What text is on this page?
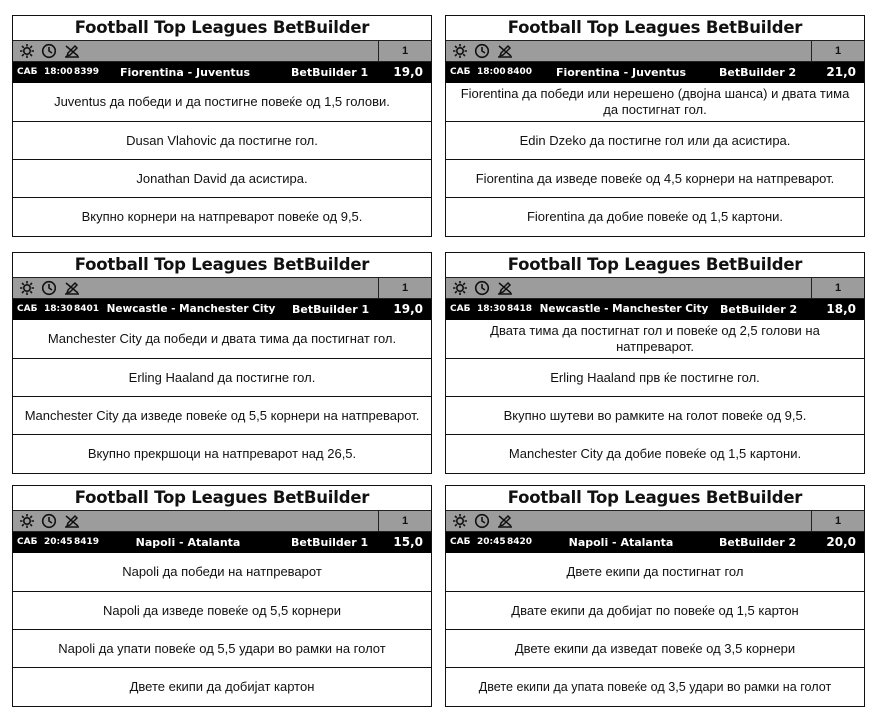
Football Top Leagues BetBuilder
1
САБ 18:00 8399	Fiorentina - Juventus	BetBuilder 1 19,0
Juventus да победи и да постигне повеќе од 1,5 голови.
Dusan Vlahovic да постигне гол.
Jonathan David да асистира.
Вкупно корнери на натпреварот повеќе од 9,5.
Football Top Leagues BetBuilder
1
САБ 18:00 8400	Fiorentina - Juventus	BetBuilder 2	21,0
Fiorentina да победи или нерешено (двојна шанса) и двата тима да постигнат гол.
Edin Dzeko да постигне гол или да асистира.
Fiorentina да изведе повеќе од 4,5 корнери на натпреварот.
Fiorentina да добие повеќе од 1,5 картони.
Football Top Leagues BetBuilder
1
САБ 18:30 8401 Newcastle - Manchester City BetBuilder 1 19,0
Manchester City да победи и двата тима да постигнат гол.
Erling Haaland да постигне гол.
Manchester City да изведе повеќе од 5,5 корнери на натпреварот.
Вкупно прекршоци на натпреварот над 26,5.
Football Top Leagues BetBuilder
1
САБ 18:30 8418 Newcastle - Manchester City BetBuilder 2 18,0
Двата тима да постигнат гол и повеќе од 2,5 голови на натпреварот.
Erling Haaland прв ќе постигне гол.
Вкупно шутеви во рамките на голот повеќе од 9,5.
Manchester City да добие повеќе од 1,5 картони.
Football Top Leagues BetBuilder
1
САБ 20:45 8419	Napoli - Atalanta	BetBuilder 1 15,0
Napoli да победи на натпреварот
Napoli да изведе повеќе од 5,5 корнери
Napoli да упати повеќе од 5,5 удари во рамки на голот
Двете екипи да добијат картон
Football Top Leagues BetBuilder
1
САБ 20:45 8420	Napoli - Atalanta	BetBuilder 2	20,0
Двете екипи да постигнат гол
Двате екипи да добијат по повеќе од 1,5 картон
Двете екипи да изведат повеќе од 3,5 корнери
Двете екипи да упата повеќе од 3,5 удари во рамки на голот
